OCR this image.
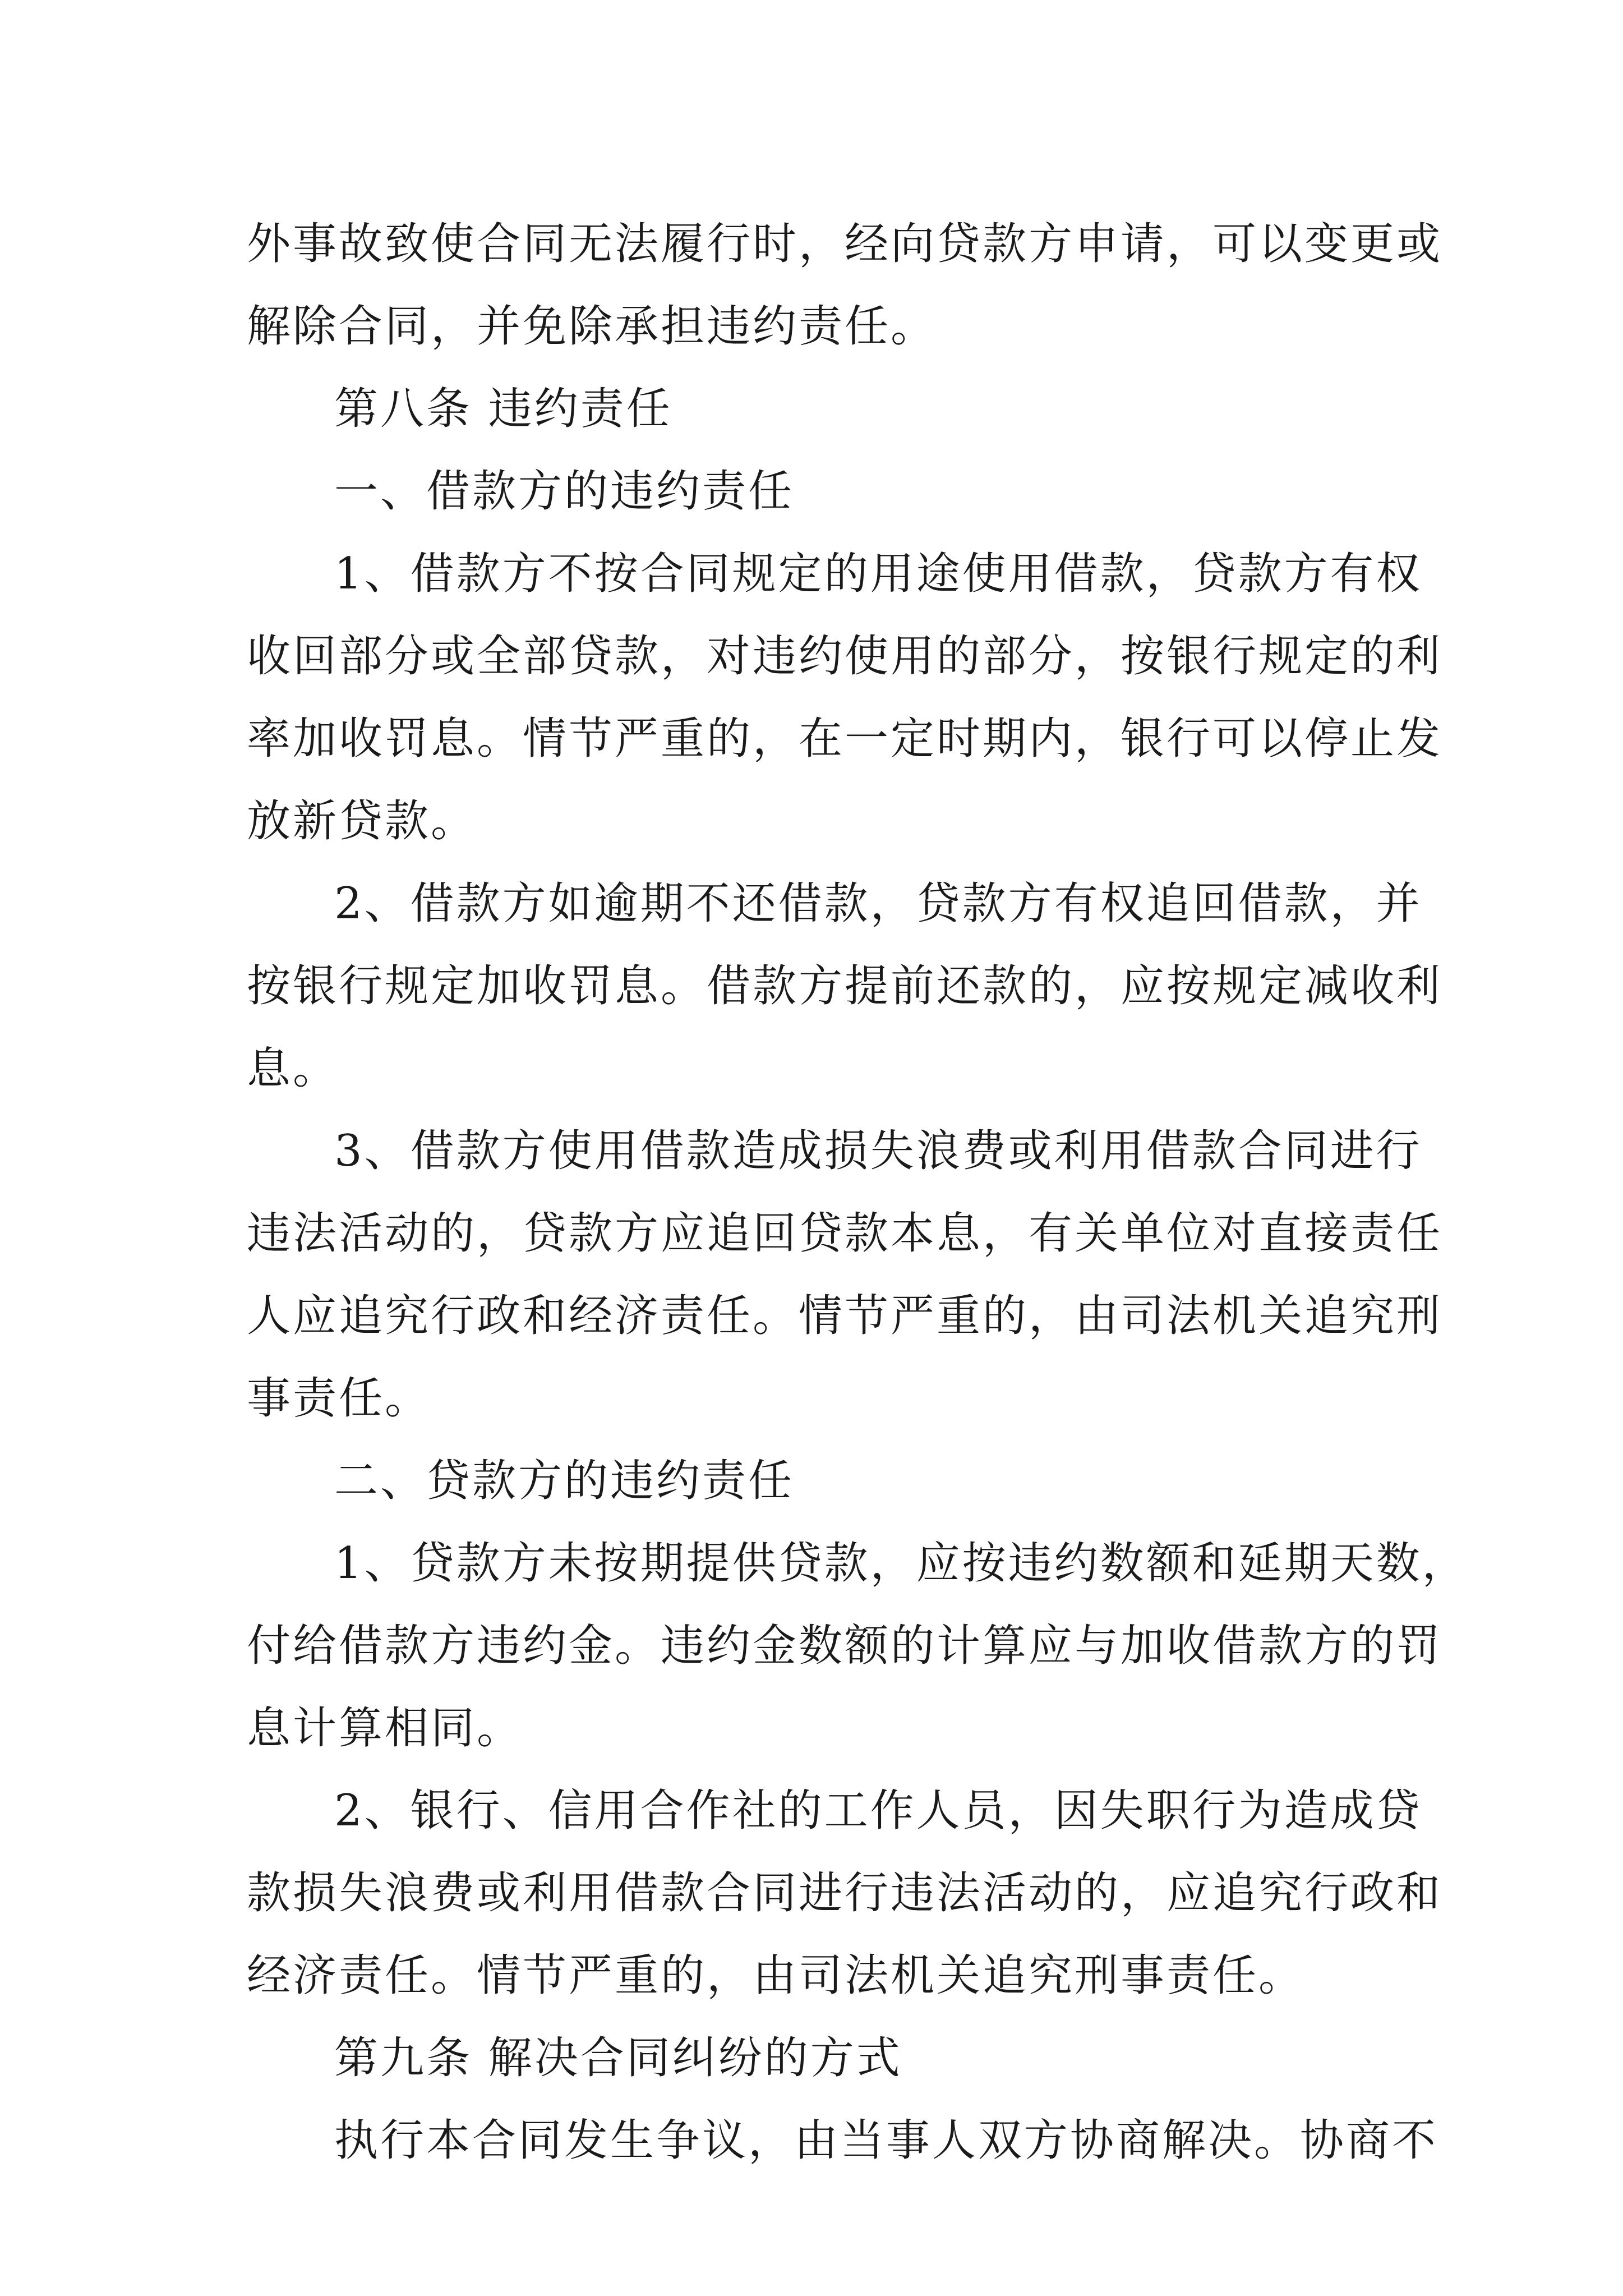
外事故致使合同无法履行时，经向贷款方申请，可以变更或
解除合同，并免除承担违约责任。
第八条 违约责任
一、借款方的违约责任
1、借款方不按合同规定的用途使用借款，贷款方有权
收回部分或全部贷款，对违约使用的部分，按银行规定的利
率加收罚息。情节严重的，在一定时期内，银行可以停止发
放新贷款。
2、借款方如逾期不还借款，贷款方有权追回借款，并
按银行规定加收罚息。借款方提前还款的，应按规定减收利
息。
3、借款方使用借款造成损失浪费或利用借款合同进行
违法活动的，贷款方应追回贷款本息，有关单位对直接责任
人应追究行政和经济责任。情节严重的，由司法机关追究刑
事责任。
二、贷款方的违约责任
1、贷款方未按期提供贷款，应按违约数额和延期天数，
付给借款方违约金。违约金数额的计算应与加收借款方的罚
息计算相同。
2、银行、信用合作社的工作人员，因失职行为造成贷
款损失浪费或利用借款合同进行违法活动的，应追究行政和
经济责任。情节严重的，由司法机关追究刑事责任。
第九条 解决合同纠纷的方式
执行本合同发生争议，由当事人双方协商解决。协商不
